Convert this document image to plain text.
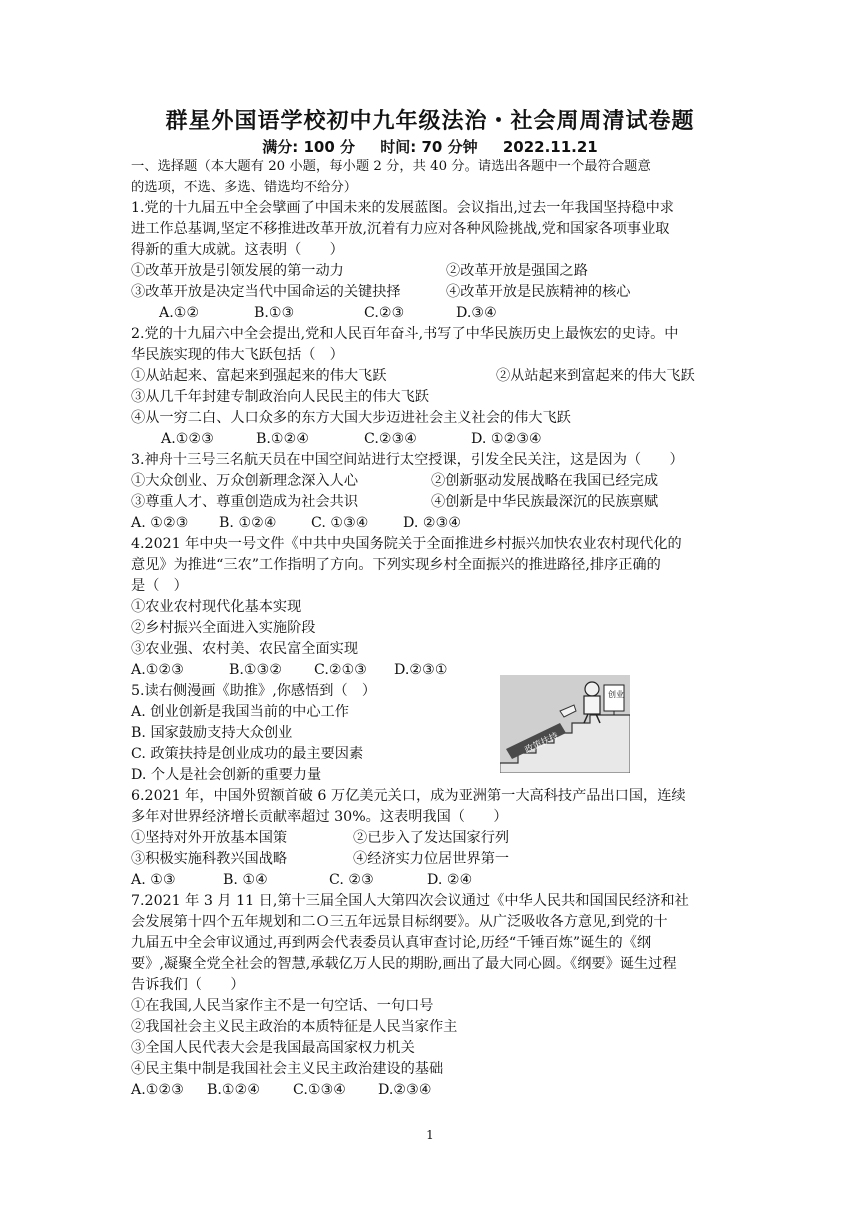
群星外国语学校初中九年级法治・社会周周清试卷题
满分: 100 分 时间: 70 分钟 2022.11.21
一、选择题（本大题有 20 小题，每小题 2 分，共 40 分。请选出各题中一个最符合题意
的选项，不选、多选、错选均不给分）
1.党的十九届五中全会擘画了中国未来的发展蓝图。会议指出,过去一年我国坚持稳中求
进工作总基调,坚定不移推进改革开放,沉着有力应对各种风险挑战,党和国家各项事业取
得新的重大成就。这表明（　　）
①改革开放是引领发展的第一动力	②改革开放是强国之路
③改革开放是决定当代中国命运的关键抉择	④改革开放是民族精神的核心
A.①②	B.①③	C.②③	D.③④
2.党的十九届六中全会提出,党和人民百年奋斗,书写了中华民族历史上最恢宏的史诗。中
华民族实现的伟大飞跃包括（　）
①从站起来、富起来到强起来的伟大飞跃	②从站起来到富起来的伟大飞跃
③从几千年封建专制政治向人民民主的伟大飞跃
④从一穷二白、人口众多的东方大国大步迈进社会主义社会的伟大飞跃
A.①②③	B.①②④	C.②③④	D. ①②③④
3.神舟十三号三名航天员在中国空间站进行太空授课，引发全民关注，这是因为（　　）
①大众创业、万众创新理念深入人心	②创新驱动发展战略在我国已经完成
③尊重人才、尊重创造成为社会共识	④创新是中华民族最深沉的民族禀赋
A. ①②③ B. ①②④ C. ①③④ D. ②③④
4.2021 年中央一号文件《中共中央国务院关于全面推进乡村振兴加快农业农村现代化的
意见》为推进“三农”工作指明了方向。下列实现乡村全面振兴的推进路径,排序正确的
是（　）
①农业农村现代化基本实现
②乡村振兴全面进入实施阶段
③农业强、农村美、农民富全面实现
A.①②③	B.①③② C.②①③ D.②③①
5.读右侧漫画《助推》,你感悟到（　）
A. 创业创新是我国当前的中心工作
B. 国家鼓励支持大众创业
C. 政策扶持是创业成功的最主要因素
D. 个人是社会创新的重要力量
6.2021 年，中国外贸额首破 6 万亿美元关口，成为亚洲第一大高科技产品出口国，连续
多年对世界经济增长贡献率超过 30%。这表明我国（　　）
①坚持对外开放基本国策	②已步入了发达国家行列
③积极实施科教兴国战略	④经济实力位居世界第一
A. ①③	B. ①④	C. ②③	D. ②④
7.2021 年 3 月 11 日,第十三届全国人大第四次会议通过《中华人民共和国国民经济和社
会发展第十四个五年规划和二Ｏ三五年远景目标纲要》。从广泛吸收各方意见,到党的十
九届五中全会审议通过,再到两会代表委员认真审查讨论,历经“千锤百炼”诞生的《纲
要》,凝聚全党全社会的智慧,承载亿万人民的期盼,画出了最大同心圆。《纲要》诞生过程
告诉我们（　　）
①在我国,人民当家作主不是一句空话、一句口号
②我国社会主义民主政治的本质特征是人民当家作主
③全国人民代表大会是我国最高国家权力机关
④民主集中制是我国社会主义民主政治建设的基础
A.①②③ B.①②④ C.①③④ D.②③④
政策扶持
创业
1
